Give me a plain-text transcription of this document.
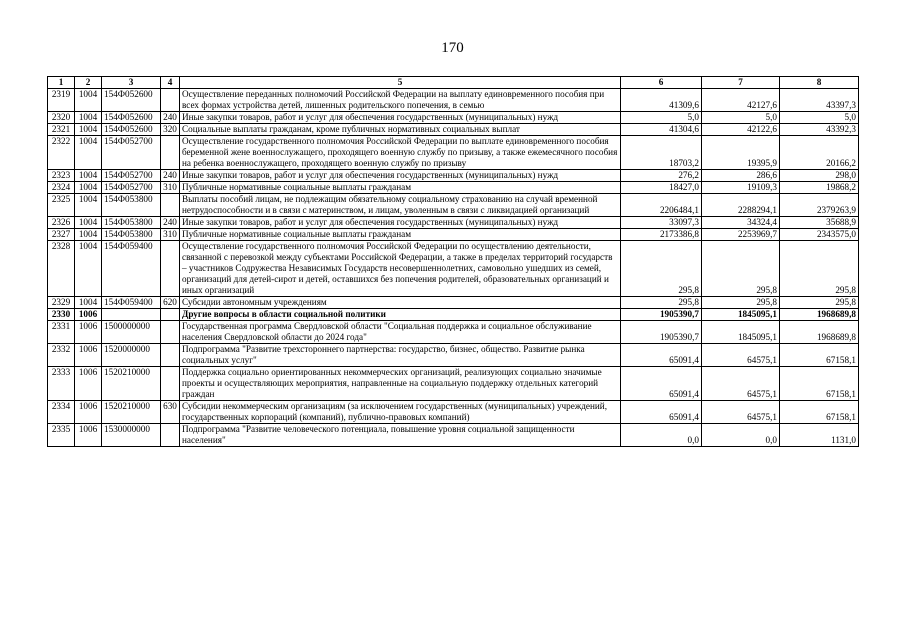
170
1	2	3	4	5	6	7	8
2319	1004	154Ф052600		Осуществление переданных полномочий Российской Федерации на выплату единовременного пособия при всех формах устройства детей, лишенных родительского попечения, в семью	41309,6	42127,6	43397,3
2320	1004	154Ф052600	240	Иные закупки товаров, работ и услуг для обеспечения государственных (муниципальных) нужд	5,0	5,0	5,0
2321	1004	154Ф052600	320	Социальные выплаты гражданам, кроме публичных нормативных социальных выплат	41304,6	42122,6	43392,3
2322	1004	154Ф052700		Осуществление государственного полномочия Российской Федерации по выплате единовременного пособия беременной жене военнослужащего, проходящего военную службу по призыву, а также ежемесячного пособия на ребенка военнослужащего, проходящего военную службу по призыву	18703,2	19395,9	20166,2
2323	1004	154Ф052700	240	Иные закупки товаров, работ и услуг для обеспечения государственных (муниципальных) нужд	276,2	286,6	298,0
2324	1004	154Ф052700	310	Публичные нормативные социальные выплаты гражданам	18427,0	19109,3	19868,2
2325	1004	154Ф053800		Выплаты пособий лицам, не подлежащим обязательному социальному страхованию на случай временной нетрудоспособности и в связи с материнством, и лицам, уволенным в связи с ликвидацией организаций	2206484,1	2288294,1	2379263,9
2326	1004	154Ф053800	240	Иные закупки товаров, работ и услуг для обеспечения государственных (муниципальных) нужд	33097,3	34324,4	35688,9
2327	1004	154Ф053800	310	Публичные нормативные социальные выплаты гражданам	2173386,8	2253969,7	2343575,0
2328	1004	154Ф059400		Осуществление государственного полномочия Российской Федерации по осуществлению деятельности, связанной с перевозкой между субъектами Российской Федерации, а также в пределах территорий государств – участников Содружества Независимых Государств несовершеннолетних, самовольно ушедших из семей, организаций для детей-сирот и детей, оставшихся без попечения родителей, образовательных организаций и иных организаций	295,8	295,8	295,8
2329	1004	154Ф059400	620	Субсидии автономным учреждениям	295,8	295,8	295,8
2330	1006			Другие вопросы в области социальной политики	1905390,7	1845095,1	1968689,8
2331	1006	1500000000		Государственная программа Свердловской области "Социальная поддержка и социальное обслуживание населения Свердловской области до 2024 года"	1905390,7	1845095,1	1968689,8
2332	1006	1520000000		Подпрограмма "Развитие трехстороннего партнерства: государство, бизнес, общество. Развитие рынка социальных услуг"	65091,4	64575,1	67158,1
2333	1006	1520210000		Поддержка социально ориентированных некоммерческих организаций, реализующих социально значимые проекты и осуществляющих мероприятия, направленные на социальную поддержку отдельных категорий граждан	65091,4	64575,1	67158,1
2334	1006	1520210000	630	Субсидии некоммерческим организациям (за исключением государственных (муниципальных) учреждений, государственных корпораций (компаний), публично-правовых компаний)	65091,4	64575,1	67158,1
2335	1006	1530000000		Подпрограмма "Развитие человеческого потенциала, повышение уровня социальной защищенности населения"	0,0	0,0	1131,0
